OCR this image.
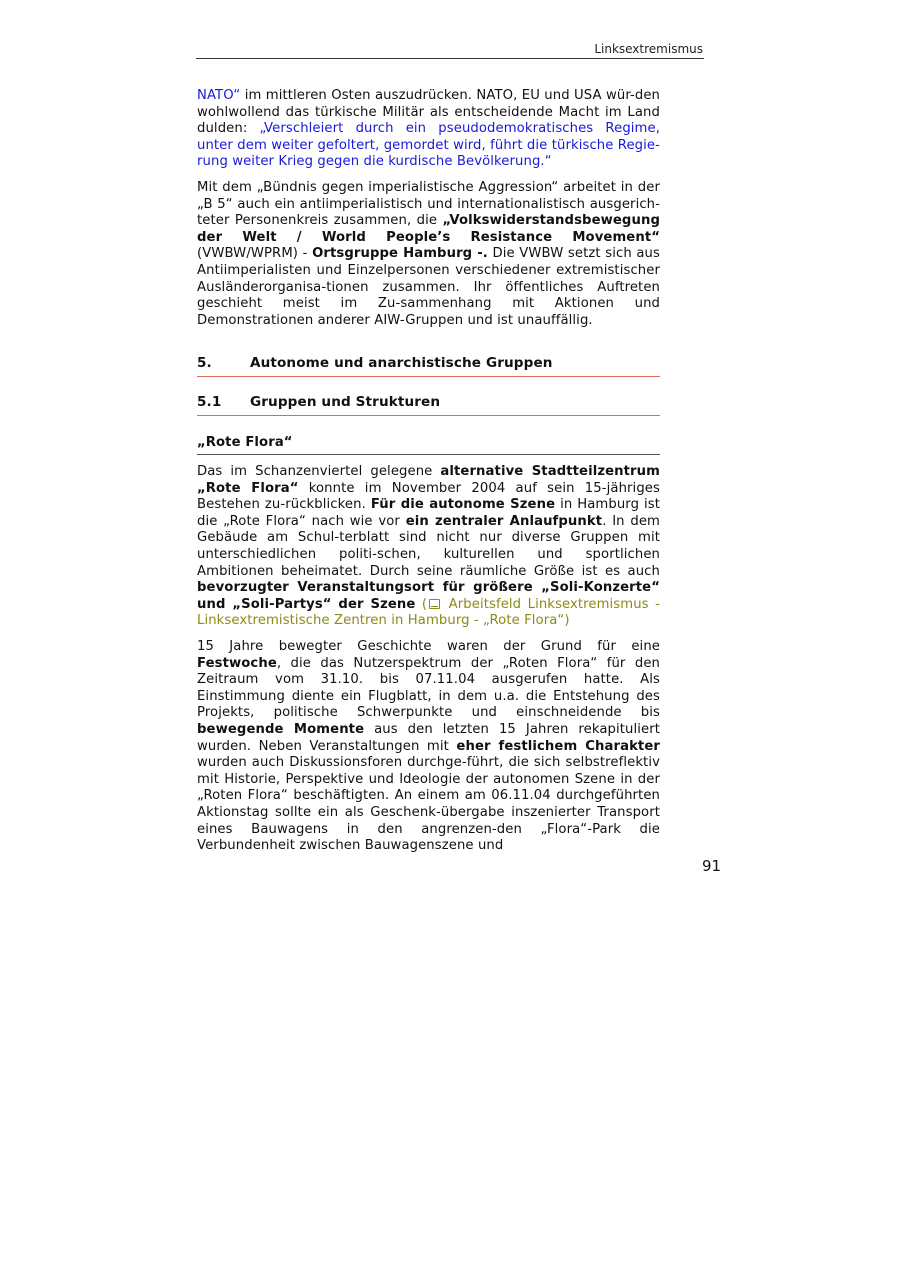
Linksextremismus

NATO“ im mittleren Osten auszudrücken. NATO, EU und USA wür-den wohlwollend das türkische Militär als entscheidende Macht im Land dulden: „Verschleiert durch ein pseudodemokratisches Regime, unter dem weiter gefoltert, gemordet wird, führt die türkische Regie-rung weiter Krieg gegen die kurdische Bevölkerung.“

Mit dem „Bündnis gegen imperialistische Aggression“ arbeitet in der „B 5“ auch ein antiimperialistisch und internationalistisch ausgerich-teter Personenkreis zusammen, die „Volkswiderstandsbewegung der Welt / World People’s Resistance Movement“ (VWBW/WPRM) - Ortsgruppe Hamburg -. Die VWBW setzt sich aus Antiimperialisten und Einzelpersonen verschiedener extremistischer Ausländerorganisa-tionen zusammen. Ihr öffentliches Auftreten geschieht meist im Zu-sammenhang mit Aktionen und Demonstrationen anderer AIW-Gruppen und ist unauffällig.

5.	Autonome und anarchistische Gruppen
5.1	Gruppen und Strukturen
„Rote Flora“

Das im Schanzenviertel gelegene alternative Stadtteilzentrum „Rote Flora“ konnte im November 2004 auf sein 15-jähriges Bestehen zu-rückblicken. Für die autonome Szene in Hamburg ist die „Rote Flora“ nach wie vor ein zentraler Anlaufpunkt. In dem Gebäude am Schul-terblatt sind nicht nur diverse Gruppen mit unterschiedlichen politi-schen, kulturellen und sportlichen Ambitionen beheimatet. Durch seine räumliche Größe ist es auch bevorzugter Veranstaltungsort für größere „Soli-Konzerte“ und „Soli-Partys“ der Szene ( Arbeitsfeld Linksextremismus - Linksextremistische Zentren in Hamburg - „Rote Flora“)

15 Jahre bewegter Geschichte waren der Grund für eine Festwoche, die das Nutzerspektrum der „Roten Flora“ für den Zeitraum vom 31.10. bis 07.11.04 ausgerufen hatte. Als Einstimmung diente ein Flugblatt, in dem u.a. die Entstehung des Projekts, politische Schwerpunkte und einschneidende bis bewegende Momente aus den letzten 15 Jahren rekapituliert wurden. Neben Veranstaltungen mit eher festlichem Charakter wurden auch Diskussionsforen durchge-führt, die sich selbstreflektiv mit Historie, Perspektive und Ideologie der autonomen Szene in der „Roten Flora“ beschäftigten. An einem am 06.11.04 durchgeführten Aktionstag sollte ein als Geschenk-übergabe inszenierter Transport eines Bauwagens in den angrenzen-den „Flora“-Park die Verbundenheit zwischen Bauwagenszene und

91
